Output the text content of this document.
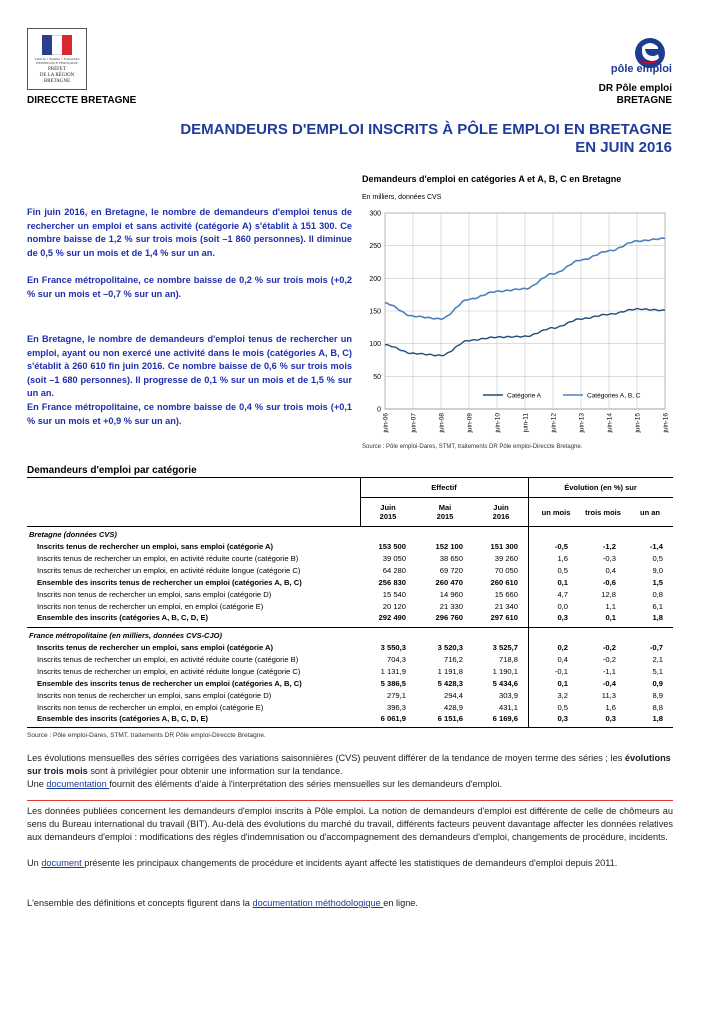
Liberté • Égalité • Fraternité
RÉPUBLIQUE FRANÇAISE
PRÉFET
DE LA RÉGION
BRETAGNE
DIRECCTE BRETAGNE
pôle emploi
DR Pôle emploi
BRETAGNE
DEMANDEURS D'EMPLOI INSCRITS À PÔLE EMPLOI EN BRETAGNE
EN JUIN 2016

Fin juin 2016, en Bretagne, le nombre de demandeurs d'emploi tenus de rechercher un emploi et sans activité (catégorie A) s'établit à 151 300. Ce nombre baisse de 1,2 % sur trois mois (soit –1 860 personnes). Il diminue de 0,5 % sur un mois et de 1,4 % sur un an.

En France métropolitaine, ce nombre baisse de 0,2 % sur trois mois (+0,2 % sur un mois et –0,7 % sur un an).

En Bretagne, le nombre de demandeurs d'emploi tenus de rechercher un emploi, ayant ou non exercé une activité dans le mois (catégories A, B, C) s'établit à 260 610 fin juin 2016. Ce nombre baisse de 0,6 % sur trois mois (soit –1 680 personnes). Il progresse de 0,1 % sur un mois et de 1,5 % sur un an.

En France métropolitaine, ce nombre baisse de 0,4 % sur trois mois (+0,1 % sur un mois et +0,9 % sur un an).

Demandeurs d'emploi en catégories A et A, B, C en Bretagne
En milliers, données CVS
0
50
100
150
200
250
300
juin-06	juin-07	juin-08	juin-09	juin-10	juin-11	juin-12	juin-13	juin-14	juin-15	juin-16
Catégorie A	Catégories A, B, C
Source : Pôle emploi-Dares, STMT, traitements DR Pôle emploi-Direccte Bretagne.
Demandeurs d'emploi par catégorie
Effectif	Évolution (en %) sur
Juin
2015
Mai
2015
Juin
2016	un mois	trois mois	un an
Bretagne (données CVS)
Inscrits tenus de rechercher un emploi, sans emploi (catégorie A)	153 500	152 100	151 300	-0,5	-1,2	-1,4
Inscrits tenus de rechercher un emploi, en activité réduite courte (catégorie B)	39 050	38 650	39 260	1,6	-0,3	0,5
Inscrits tenus de rechercher un emploi, en activité réduite longue (catégorie C)	64 280	69 720	70 050	0,5	0,4	9,0
Ensemble des inscrits tenus de rechercher un emploi (catégories A, B, C)	256 830	260 470	260 610	0,1	-0,6	1,5
Inscrits non tenus de rechercher un emploi, sans emploi (catégorie D)	15 540	14 960	15 660	4,7	12,8	0,8
Inscrits non tenus de rechercher un emploi, en emploi (catégorie E)	20 120	21 330	21 340	0,0	1,1	6,1
Ensemble des inscrits (catégories A, B, C, D, E)	292 490	296 760	297 610	0,3	0,1	1,8
France métropolitaine (en milliers, données CVS-CJO)
Inscrits tenus de rechercher un emploi, sans emploi (catégorie A)	3 550,3	3 520,3	3 525,7	0,2	-0,2	-0,7
Inscrits tenus de rechercher un emploi, en activité réduite courte (catégorie B)	704,3	716,2	718,8	0,4	-0,2	2,1
Inscrits tenus de rechercher un emploi, en activité réduite longue (catégorie C)	1 131,9	1 191,8	1 190,1	-0,1	-1,1	5,1
Ensemble des inscrits tenus de rechercher un emploi (catégories A, B, C)	5 386,5	5 428,3	5 434,6	0,1	-0,4	0,9
Inscrits non tenus de rechercher un emploi, sans emploi (catégorie D)	279,1	294,4	303,9	3,2	11,3	8,9
Inscrits non tenus de rechercher un emploi, en emploi (catégorie E)	396,3	428,9	431,1	0,5	1,6	8,8
Ensemble des inscrits (catégories A, B, C, D, E)	6 061,9	6 151,6	6 169,6	0,3	0,3	1,8
Source : Pôle emploi-Dares, STMT, traitements DR Pôle emploi-Direccte Bretagne.

Les évolutions mensuelles des séries corrigées des variations saisonnières (CVS) peuvent différer de la tendance de moyen terme des séries ; les évolutions sur trois mois sont à privilégier pour obtenir une information sur la tendance.
Une documentation fournit des éléments d'aide à l'interprétation des séries mensuelles sur les demandeurs d'emploi.

Les données publiées concernent les demandeurs d'emploi inscrits à Pôle emploi. La notion de demandeurs d'emploi est différente de celle de chômeurs au sens du Bureau international du travail (BIT). Au-delà des évolutions du marché du travail, différents facteurs peuvent davantage affecter les données relatives aux demandeurs d'emploi : modifications des règles d'indemnisation ou d'accompagnement des demandeurs d'emploi, changements de procédure, incidents.

Un document présente les principaux changements de procédure et incidents ayant affecté les statistiques de demandeurs d'emploi depuis 2011.

L'ensemble des définitions et concepts figurent dans la documentation méthodologique en ligne.
